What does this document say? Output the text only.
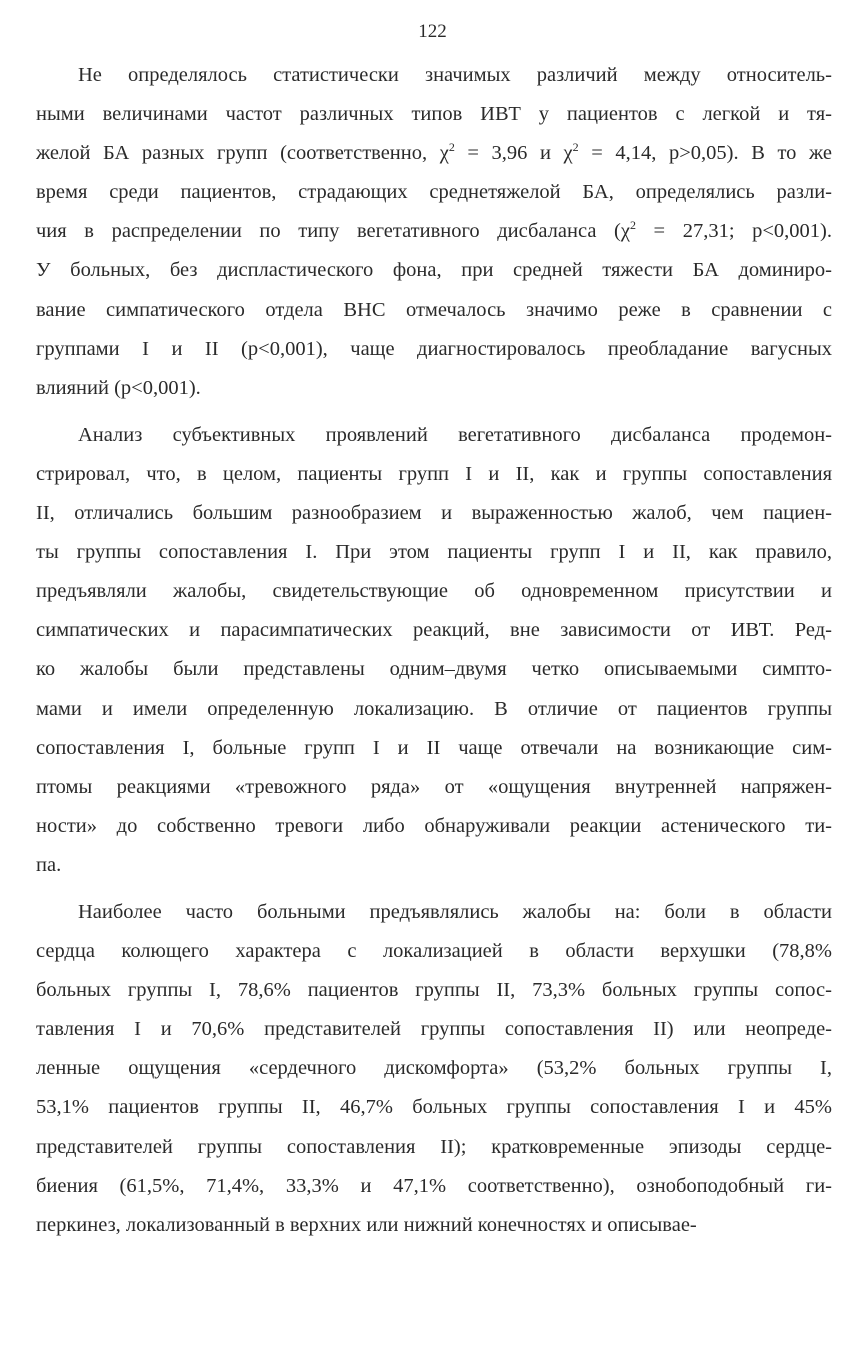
122
Не определялось статистически значимых различий между относитель-
ными величинами частот различных типов ИВТ у пациентов с легкой и тя-
желой БА разных групп (соответственно, $\chi^2 = 3,96$ и $\chi^2 = 4,14$, p>0,05). В то же
время среди пациентов, страдающих среднетяжелой БА, определялись разли-
чия в распределении по типу вегетативного дисбаланса ($\chi^2 = 27,31$; p<0,001).
У больных, без диспластического фона, при средней тяжести БА доминиро-
вание симпатического отдела ВНС отмечалось значимо реже в сравнении с
группами I и II (p<0,001), чаще диагностировалось преобладание вагусных
влияний (p<0,001).
Анализ субъективных проявлений вегетативного дисбаланса продемон-
стрировал, что, в целом, пациенты групп I и II, как и группы сопоставления
II, отличались большим разнообразием и выраженностью жалоб, чем пациен-
ты группы сопоставления I. При этом пациенты групп I и II, как правило,
предъявляли жалобы, свидетельствующие об одновременном присутствии и
симпатических и парасимпатических реакций, вне зависимости от ИВТ. Ред-
ко жалобы были представлены одним–двумя четко описываемыми симпто-
мами и имели определенную локализацию. В отличие от пациентов группы
сопоставления I, больные групп I и II чаще отвечали на возникающие сим-
птомы реакциями «тревожного ряда» от «ощущения внутренней напряжен-
ности» до собственно тревоги либо обнаруживали реакции астенического ти-
па.
Наиболее часто больными предъявлялись жалобы на: боли в области
сердца колющего характера с локализацией в области верхушки (78,8%
больных группы I, 78,6% пациентов группы II, 73,3% больных группы сопос-
тавления I и 70,6% представителей группы сопоставления II) или неопреде-
ленные ощущения «сердечного дискомфорта» (53,2% больных группы I,
53,1% пациентов группы II, 46,7% больных группы сопоставления I и 45%
представителей группы сопоставления II); кратковременные эпизоды сердце-
биения (61,5%, 71,4%, 33,3% и 47,1% соответственно), ознобоподобный ги-
перкинез, локализованный в верхних или нижний конечностях и описывае-
